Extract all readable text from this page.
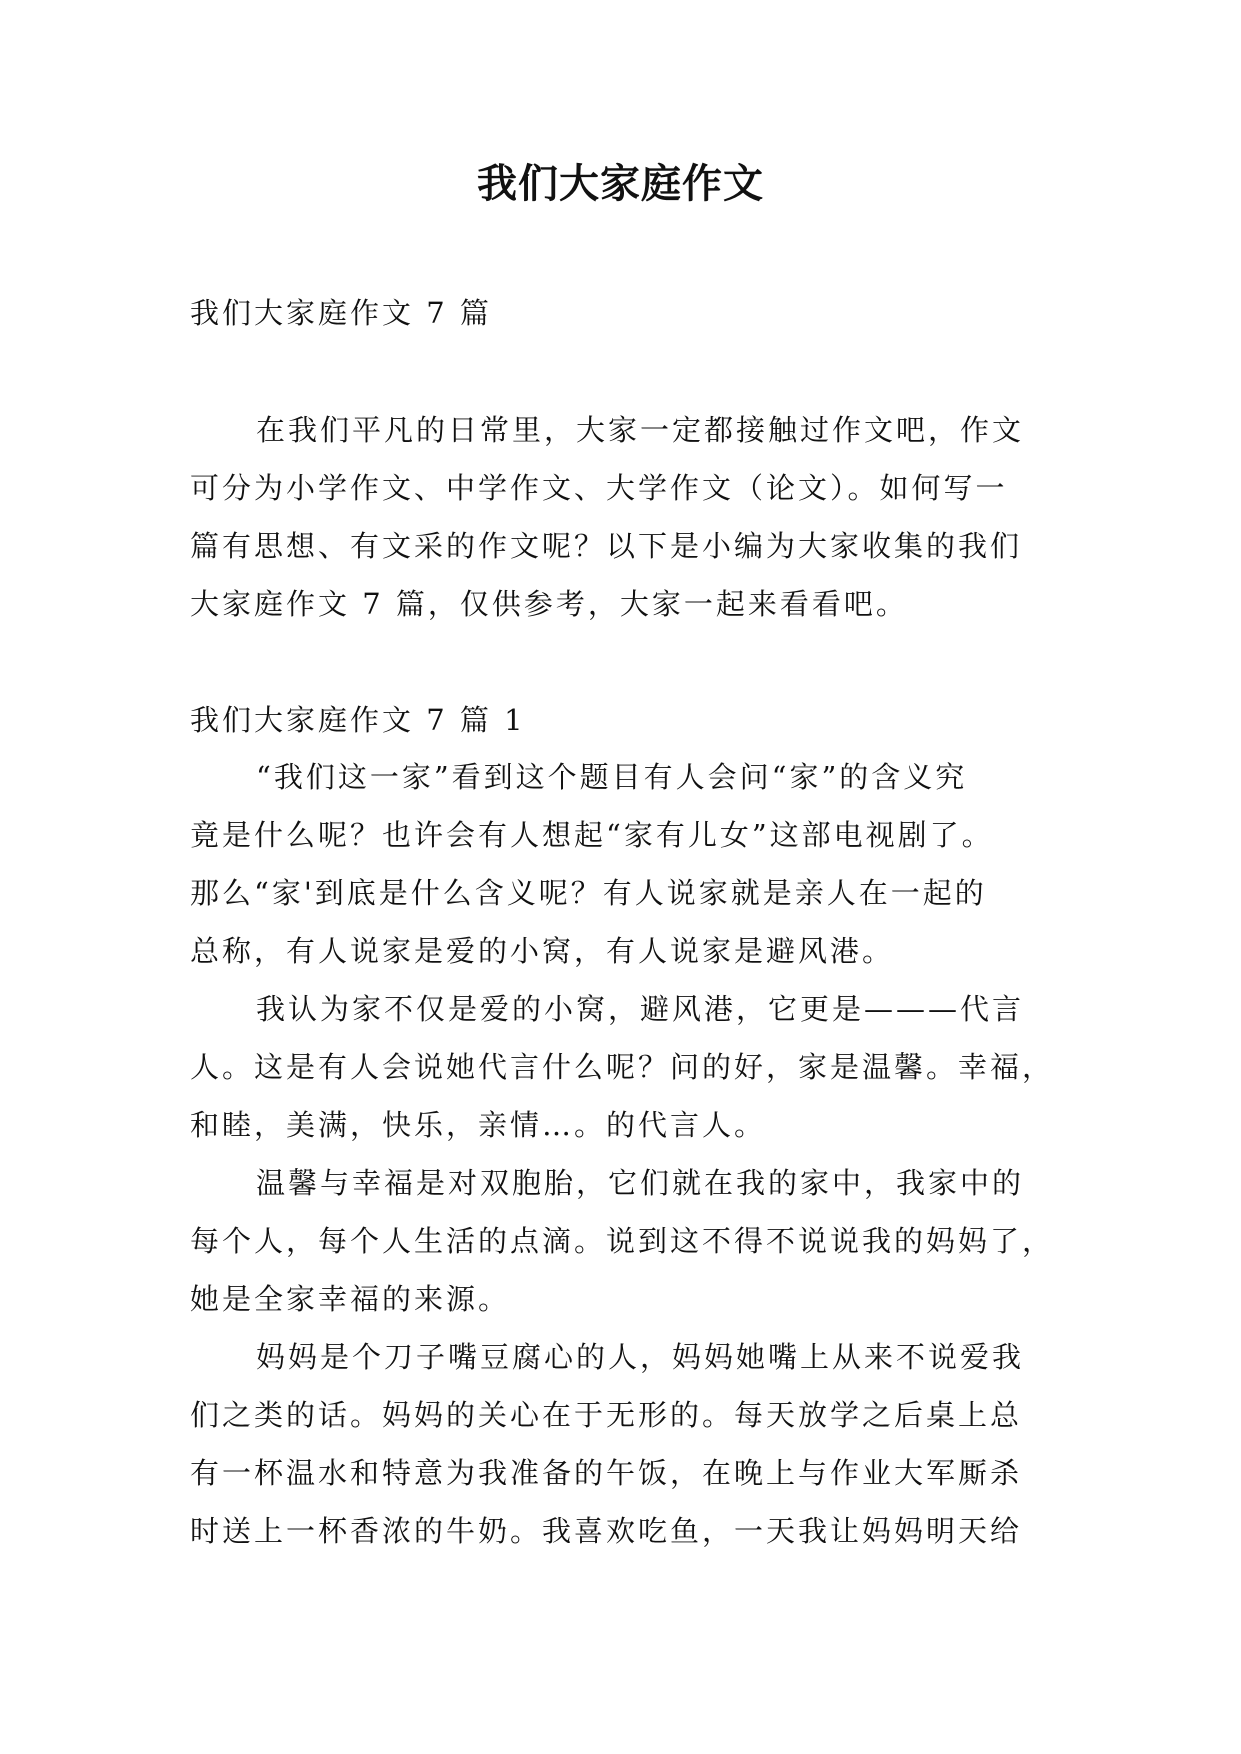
我们大家庭作文
我们大家庭作文 7 篇
在我们平凡的日常里，大家一定都接触过作文吧，作文
可分为小学作文、中学作文、大学作文（论文）。如何写一
篇有思想、有文采的作文呢？以下是小编为大家收集的我们
大家庭作文 7 篇，仅供参考，大家一起来看看吧。
我们大家庭作文 7 篇 1
“我们这一家”看到这个题目有人会问“家”的含义究
竟是什么呢？也许会有人想起“家有儿女”这部电视剧了。
那么“家'到底是什么含义呢？有人说家就是亲人在一起的
总称，有人说家是爱的小窝，有人说家是避风港。
我认为家不仅是爱的小窝，避风港，它更是———代言
人。这是有人会说她代言什么呢？问的好，家是温馨。幸福，
和睦，美满，快乐，亲情…。的代言人。
温馨与幸福是对双胞胎，它们就在我的家中，我家中的
每个人，每个人生活的点滴。说到这不得不说说我的妈妈了，
她是全家幸福的来源。
妈妈是个刀子嘴豆腐心的人，妈妈她嘴上从来不说爱我
们之类的话。妈妈的关心在于无形的。每天放学之后桌上总
有一杯温水和特意为我准备的午饭，在晚上与作业大军厮杀
时送上一杯香浓的牛奶。我喜欢吃鱼，一天我让妈妈明天给
